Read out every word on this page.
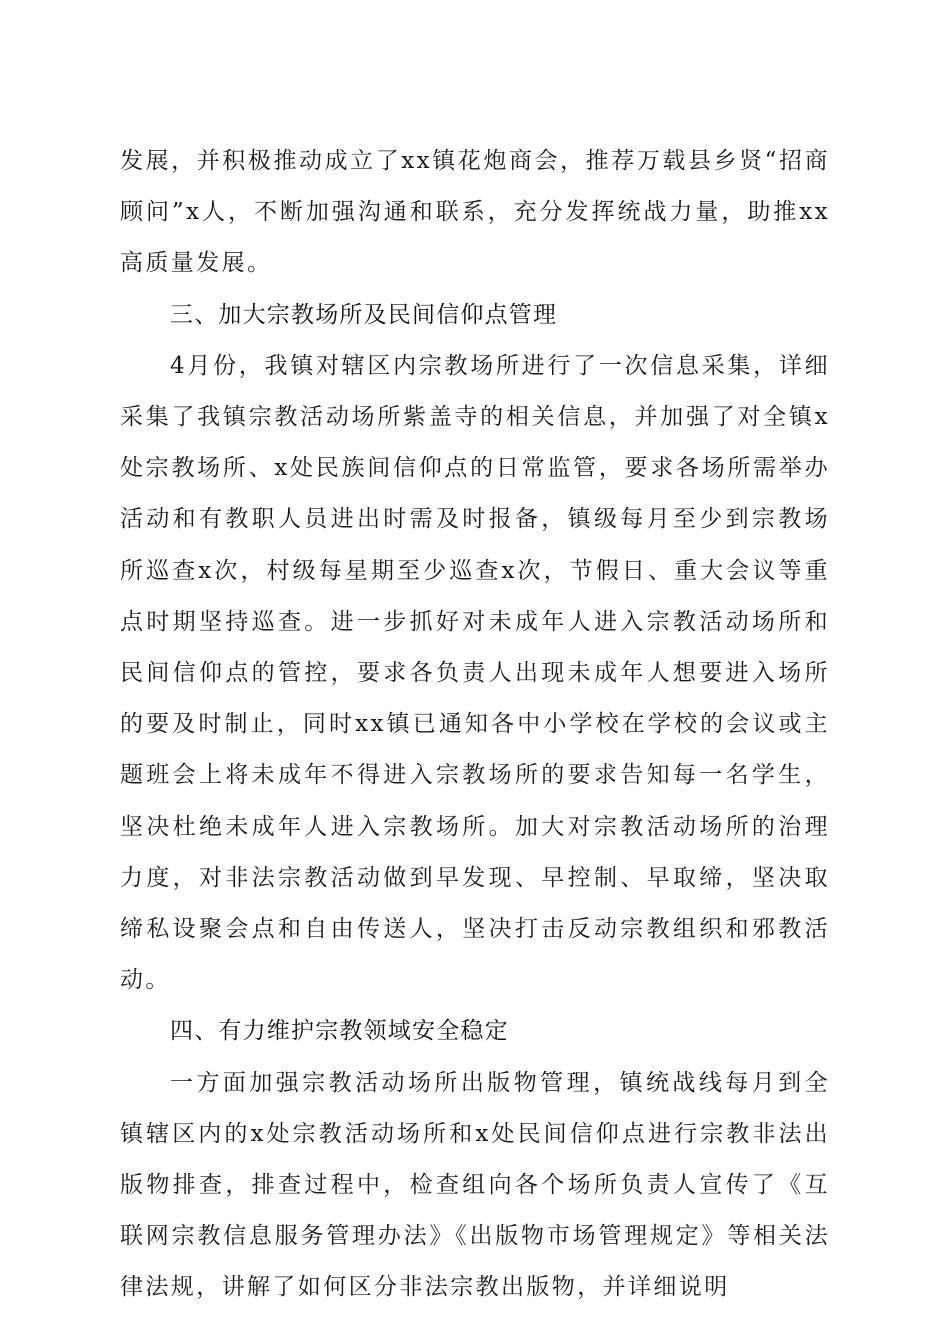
发展，并积极推动成立了xx镇花炮商会，推荐万载县乡贤“招商顾问”x人，不断加强沟通和联系，充分发挥统战力量，助推xx高质量发展。

三、加大宗教场所及民间信仰点管理

4月份，我镇对辖区内宗教场所进行了一次信息采集，详细采集了我镇宗教活动场所紫盖寺的相关信息，并加强了对全镇x处宗教场所、x处民族间信仰点的日常监管，要求各场所需举办活动和有教职人员进出时需及时报备，镇级每月至少到宗教场所巡查x次，村级每星期至少巡查x次，节假日、重大会议等重点时期坚持巡查。进一步抓好对未成年人进入宗教活动场所和民间信仰点的管控，要求各负责人出现未成年人想要进入场所的要及时制止，同时xx镇已通知各中小学校在学校的会议或主题班会上将未成年不得进入宗教场所的要求告知每一名学生，坚决杜绝未成年人进入宗教场所。加大对宗教活动场所的治理力度，对非法宗教活动做到早发现、早控制、早取缔，坚决取缔私设聚会点和自由传送人，坚决打击反动宗教组织和邪教活动。

四、有力维护宗教领域安全稳定

一方面加强宗教活动场所出版物管理，镇统战线每月到全镇辖区内的x处宗教活动场所和x处民间信仰点进行宗教非法出版物排查，排查过程中，检查组向各个场所负责人宣传了《互联网宗教信息服务管理办法》《出版物市场管理规定》等相关法律法规，讲解了如何区分非法宗教出版物，并详细说明
